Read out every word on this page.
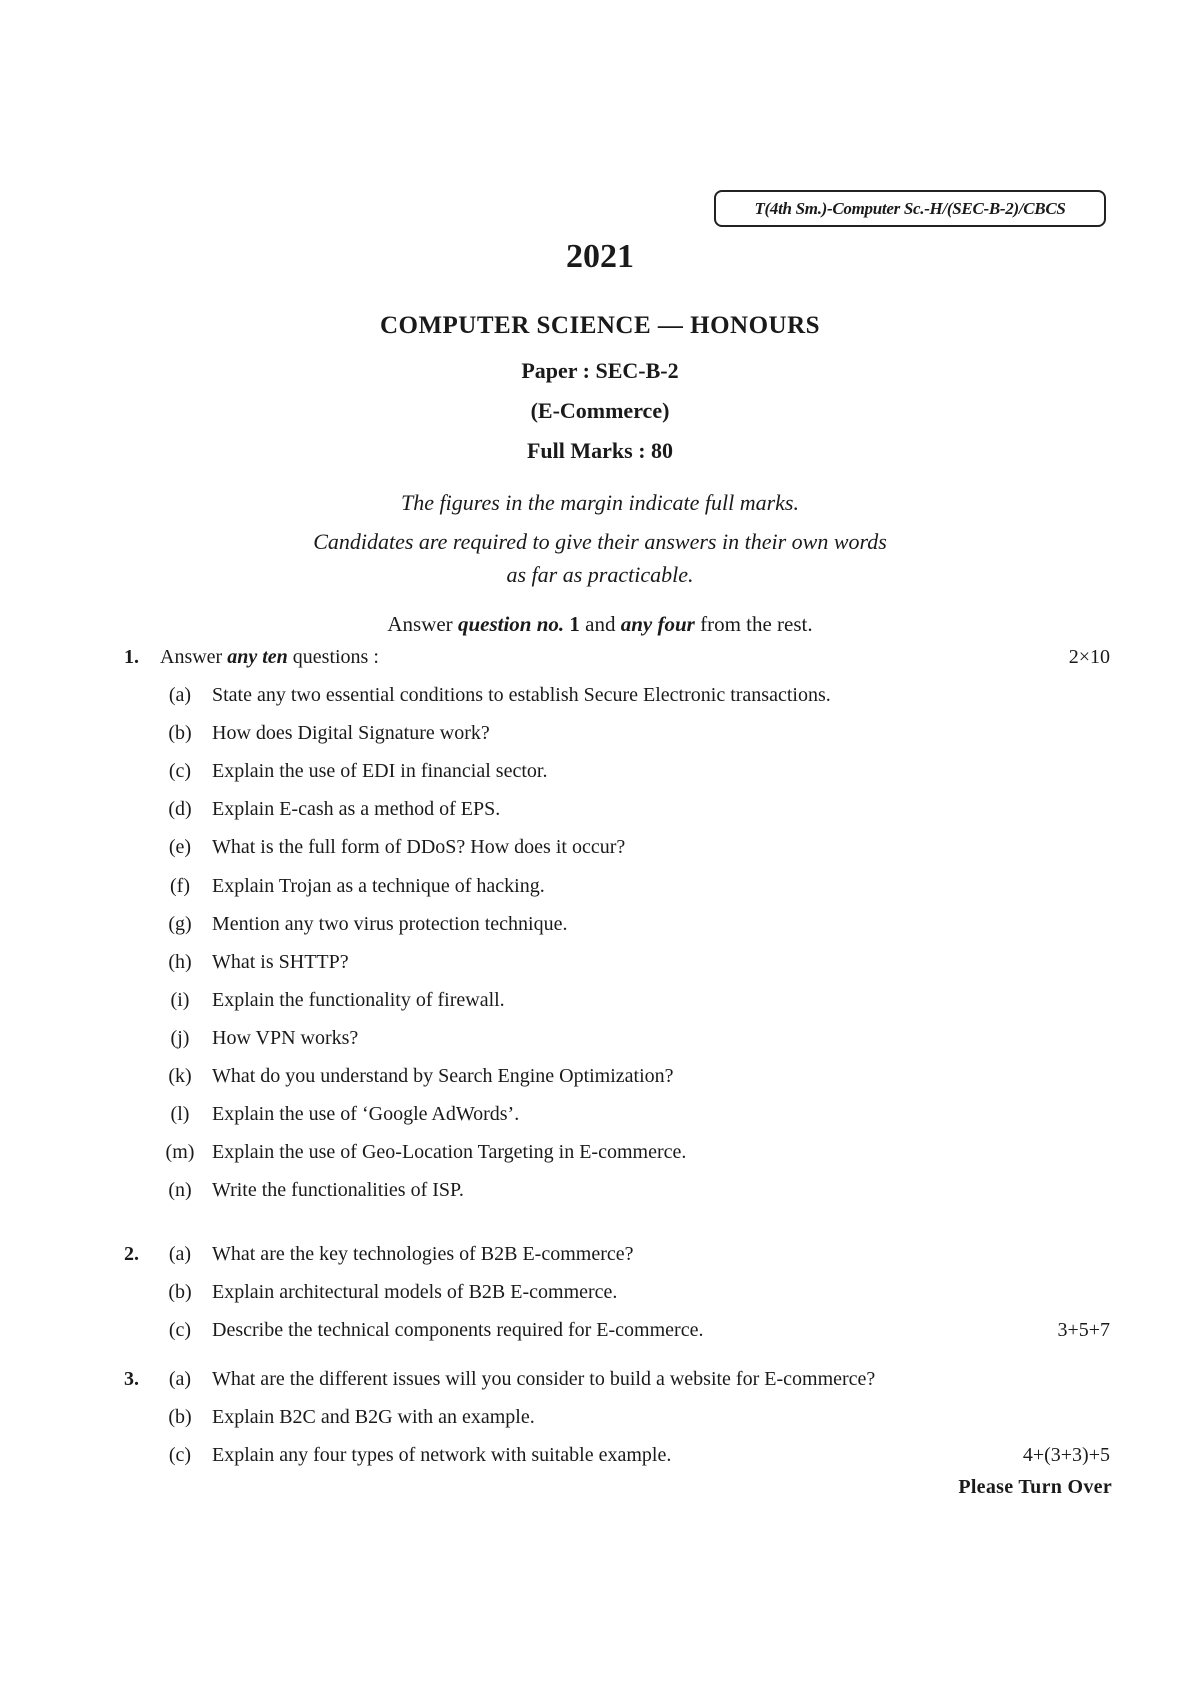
T(4th Sm.)-Computer Sc.-H/(SEC-B-2)/CBCS
2021
COMPUTER SCIENCE — HONOURS
Paper : SEC-B-2
(E-Commerce)
Full Marks : 80
The figures in the margin indicate full marks.
Candidates are required to give their answers in their own words
as far as practicable.
Answer question no. 1 and any four from the rest.
1. Answer any ten questions :	2×10
(a)	State any two essential conditions to establish Secure Electronic transactions.
(b)	How does Digital Signature work?
(c)	Explain the use of EDI in financial sector.
(d)	Explain E-cash as a method of EPS.
(e)	What is the full form of DDoS? How does it occur?
(f)	Explain Trojan as a technique of hacking.
(g)	Mention any two virus protection technique.
(h)	What is SHTTP?
(i)	Explain the functionality of firewall.
(j)	How VPN works?
(k)	What do you understand by Search Engine Optimization?
(l)	Explain the use of ‘Google AdWords’.
(m) Explain the use of Geo-Location Targeting in E-commerce.
(n)	Write the functionalities of ISP.
2.	(a)	What are the key technologies of B2B E-commerce?
(b)	Explain architectural models of B2B E-commerce.
(c)	Describe the technical components required for E-commerce.	3+5+7
3.	(a)	What are the different issues will you consider to build a website for E-commerce?
(b)	Explain B2C and B2G with an example.
(c)	Explain any four types of network with suitable example.	4+(3+3)+5
Please Turn Over
